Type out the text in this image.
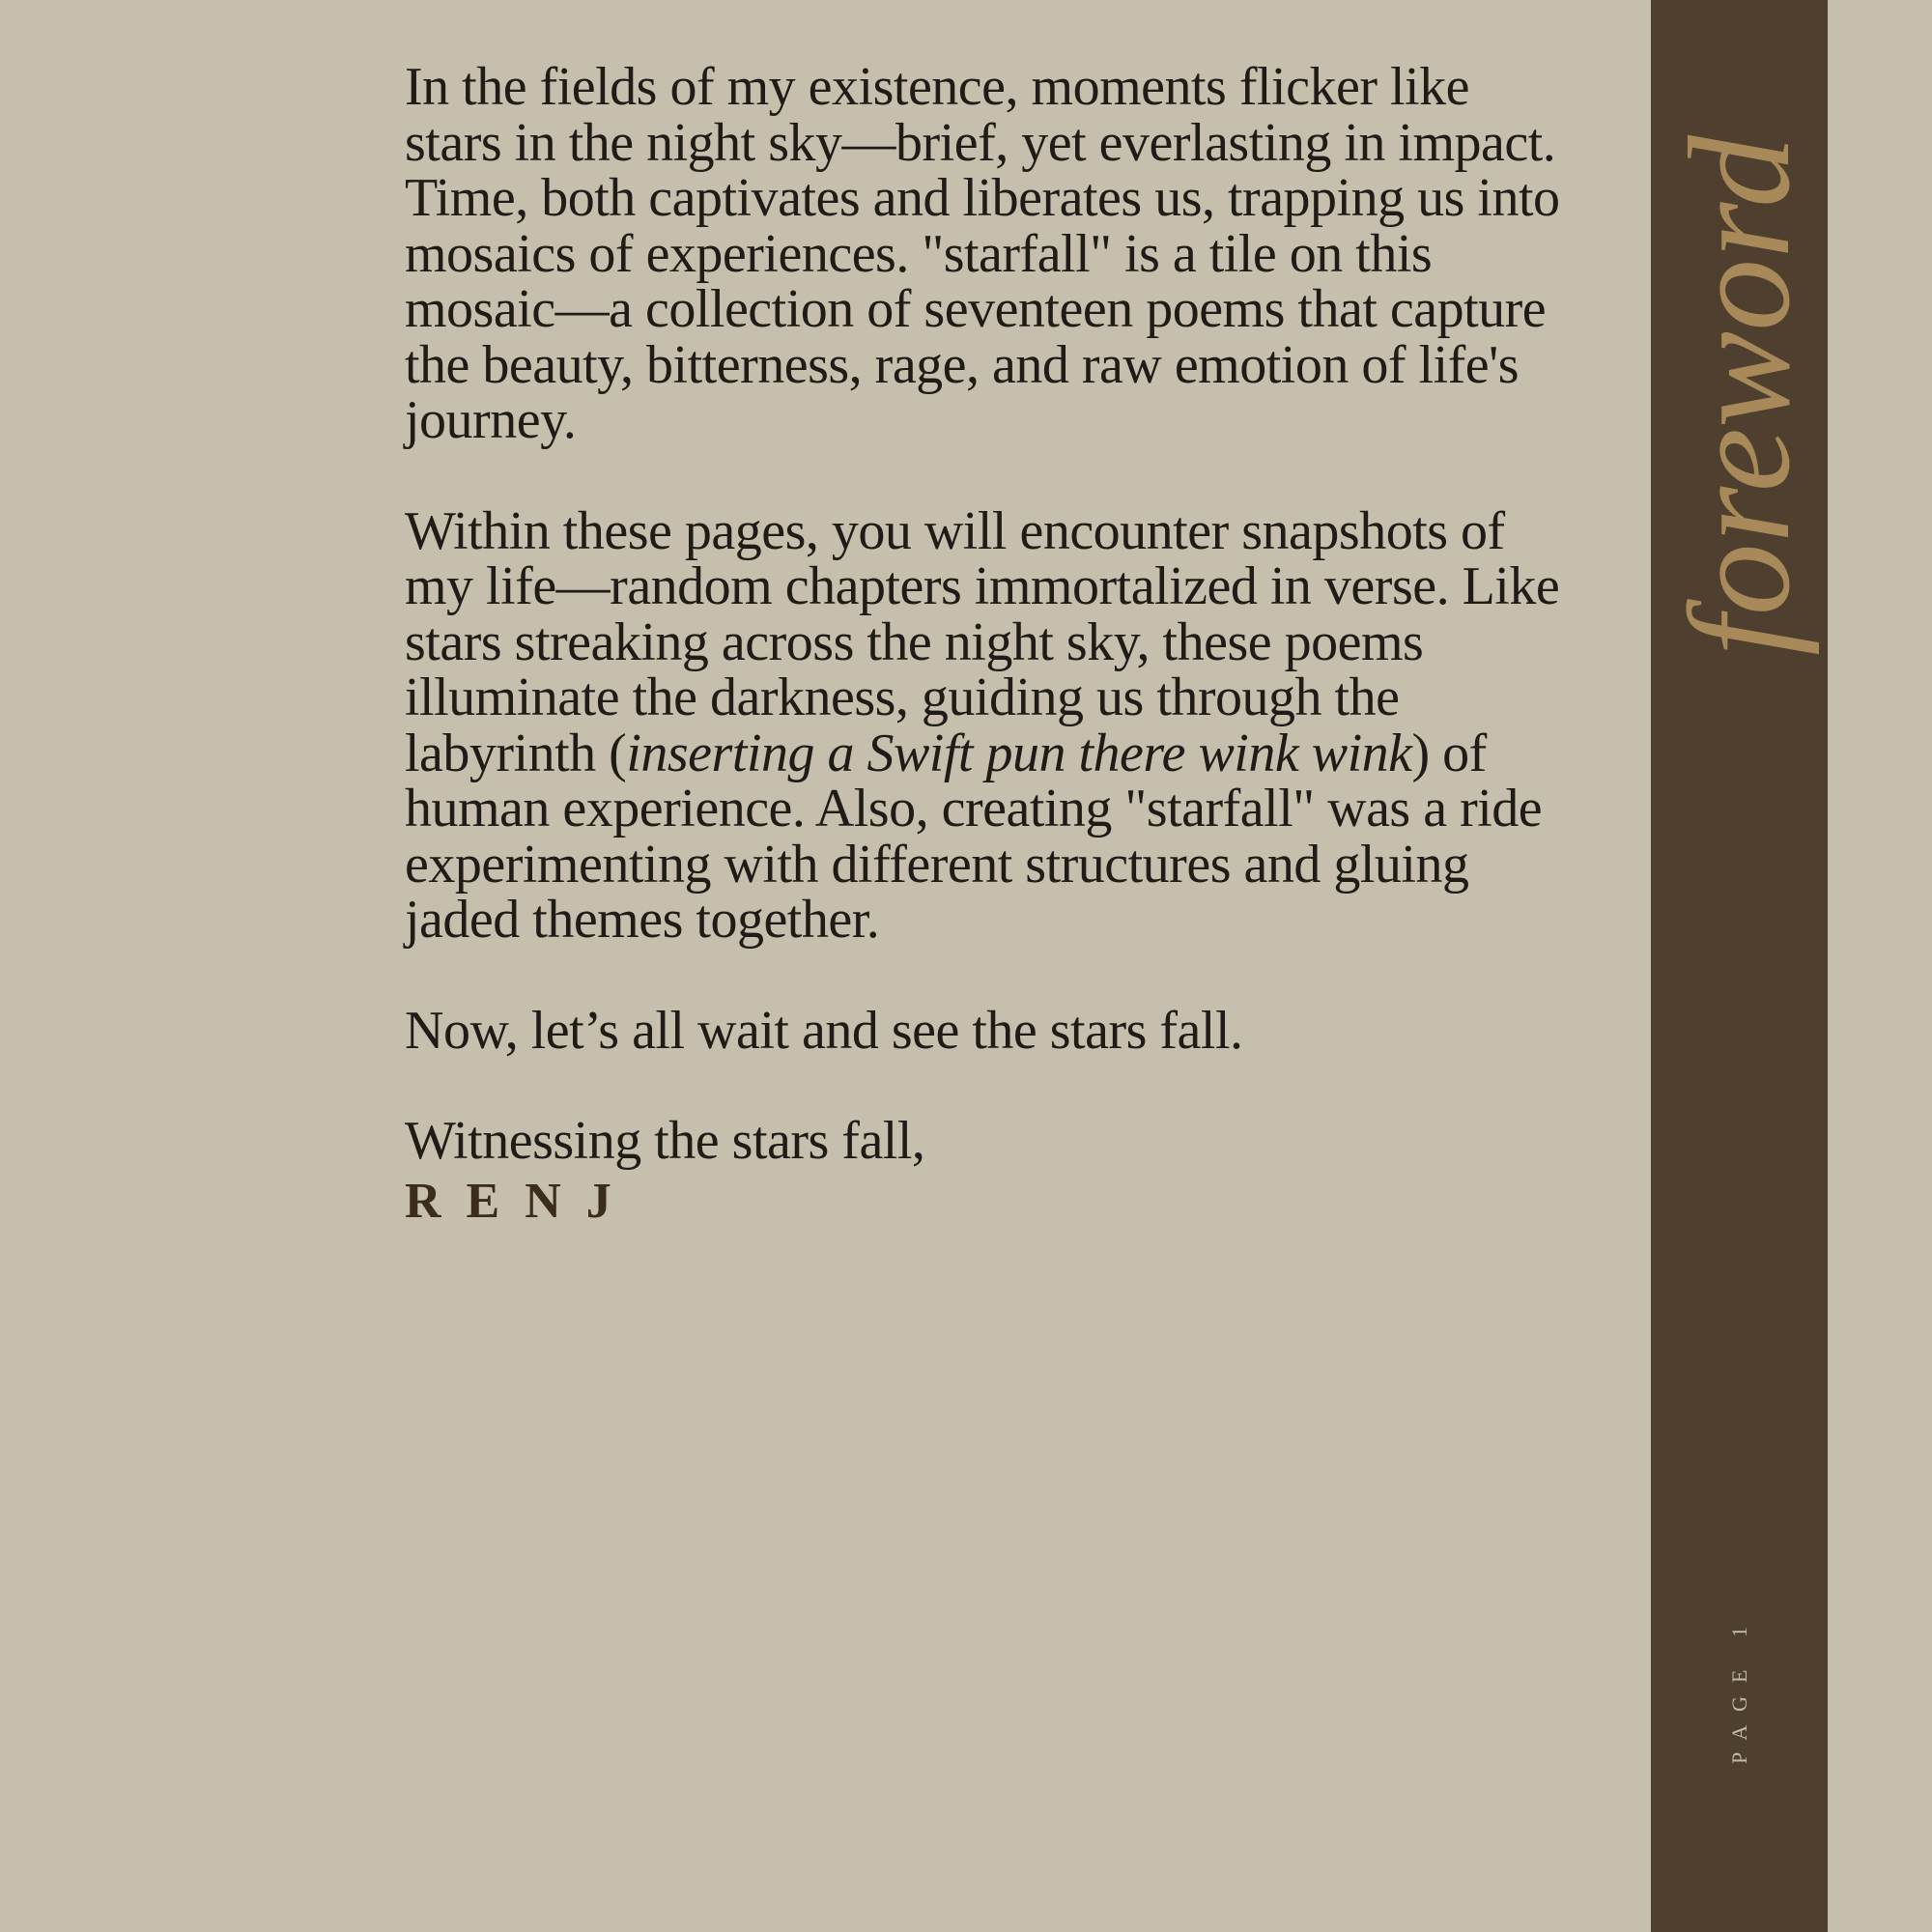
In the fields of my existence, moments flicker like stars in the night sky—brief, yet everlasting in impact. Time, both captivates and liberates us, trapping us into mosaics of experiences. "starfall" is a tile on this mosaic—a collection of seventeen poems that capture the beauty, bitterness, rage, and raw emotion of life's journey.

Within these pages, you will encounter snapshots of my life—random chapters immortalized in verse. Like stars streaking across the night sky, these poems illuminate the darkness, guiding us through the labyrinth (inserting a Swift pun there wink wink) of human experience. Also, creating "starfall" was a ride experimenting with different structures and gluing jaded themes together.

Now, let’s all wait and see the stars fall.

Witnessing the stars fall,
RENJ

foreword
PAGE 1
